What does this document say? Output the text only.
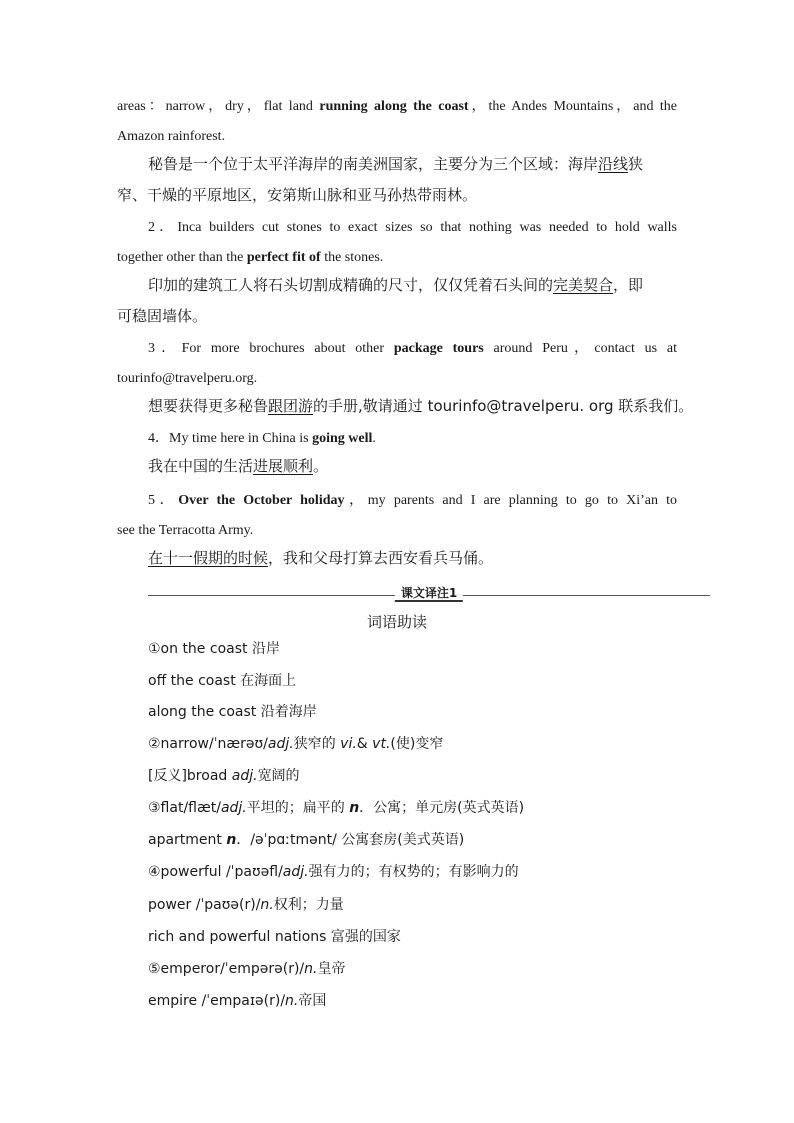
areas：narrow，dry，flat land running along the coast，the Andes Mountains，and the
Amazon rainforest.
秘鲁是一个位于太平洋海岸的南美洲国家，主要分为三个区域：海岸沿线狭
窄、干燥的平原地区，安第斯山脉和亚马孙热带雨林。
2．Inca builders cut stones to exact sizes so that nothing was needed to hold walls
together other than the perfect fit of the stones.
印加的建筑工人将石头切割成精确的尺寸，仅仅凭着石头间的完美契合，即
可稳固墙体。
3．For more brochures about other package tours around Peru，contact us at
tourinfo@travelperu.org.
想要获得更多秘鲁跟团游的手册,敬请通过 tourinfo@travelperu. org 联系我们。
4．My time here in China is going well.
我在中国的生活进展顺利。
5．Over the October holiday，my parents and I are planning to go to Xi’an to
see the Terracotta Army.
在十一假期的时候，我和父母打算去西安看兵马俑。
课文译注1
词语助读
①on the coast 沿岸
off the coast 在海面上
along the coast 沿着海岸
②narrow/ˈnærəʊ/adj.狭窄的 vi.& vt.(使)变窄
[反义]broad adj.宽阔的
③flat/flæt/adj.平坦的；扁平的 n．公寓；单元房(英式英语)
apartment n．/əˈpɑːtmənt/ 公寓套房(美式英语)
④powerful /ˈpaʊəfl/adj.强有力的；有权势的；有影响力的
power /ˈpaʊə(r)/n.权利；力量
rich and powerful nations 富强的国家
⑤emperor/ˈempərə(r)/n.皇帝
empire /ˈempaɪə(r)/n.帝国
